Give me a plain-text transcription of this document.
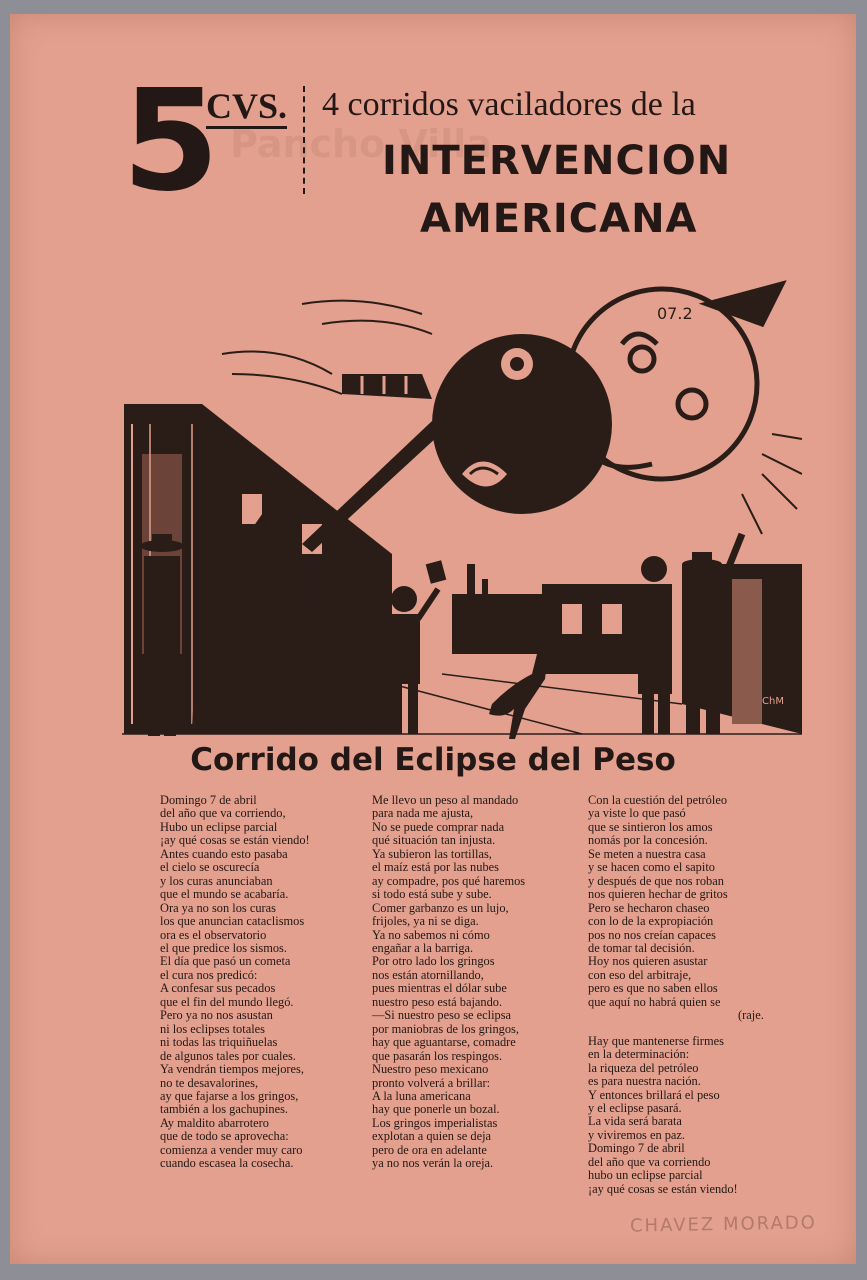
Pancho Villa
5
CVS. 4 corridos vaciladores de la
INTERVENCION
AMERICANA
ChM
07.2
Corrido del Eclipse del Peso
Domingo 7 de abril
del año que va corriendo,
Hubo un eclipse parcial
¡ay qué cosas se están viendo!
Antes cuando esto pasaba
el cielo se oscurecía
y los curas anunciaban
que el mundo se acabaría.
Ora ya no son los curas
los que anuncian cataclismos
ora es el observatorio
el que predice los sismos.
El día que pasó un cometa
el cura nos predicó:
A confesar sus pecados
que el fin del mundo llegó.
Pero ya no nos asustan
ni los eclipses totales
ni todas las triquiñuelas
de algunos tales por cuales.
Ya vendrán tiempos mejores,
no te desavalorines,
ay que fajarse a los gringos,
también a los gachupines.
Ay maldito abarrotero
que de todo se aprovecha:
comienza a vender muy caro
cuando escasea la cosecha.
Me llevo un peso al mandado
para nada me ajusta,
No se puede comprar nada
qué situación tan injusta.
Ya subieron las tortillas,
el maíz está por las nubes
ay compadre, pos qué haremos
si todo está sube y sube.
Comer garbanzo es un lujo,
frijoles, ya ni se diga.
Ya no sabemos ni cómo
engañar a la barriga.
Por otro lado los gringos
nos están atornillando,
pues mientras el dólar sube
nuestro peso está bajando.
—Si nuestro peso se eclipsa
por maniobras de los gringos,
hay que aguantarse, comadre
que pasarán los respingos.
Nuestro peso mexicano
pronto volverá a brillar:
A la luna americana
hay que ponerle un bozal.
Los gringos imperialistas
explotan a quien se deja
pero de ora en adelante
ya no nos verán la oreja.
Con la cuestión del petróleo
ya viste lo que pasó
que se sintieron los amos
nomás por la concesión.
Se meten a nuestra casa
y se hacen como el sapito
y después de que nos roban
nos quieren hechar de gritos
Pero se hecharon chaseo
con lo de la expropiación
pos no nos creían capaces
de tomar tal decisión.
Hoy nos quieren asustar
con eso del arbitraje,
pero es que no saben ellos
que aquí no habrá quien se
(raje.
Hay que mantenerse firmes
en la determinación:
la riqueza del petróleo
es para nuestra nación.
Y entonces brillará el peso
y el eclipse pasará.
La vida será barata
y viviremos en paz.
Domingo 7 de abril
del año que va corriendo
hubo un eclipse parcial
¡ay qué cosas se están viendo!
CHAVEZ MORADO
